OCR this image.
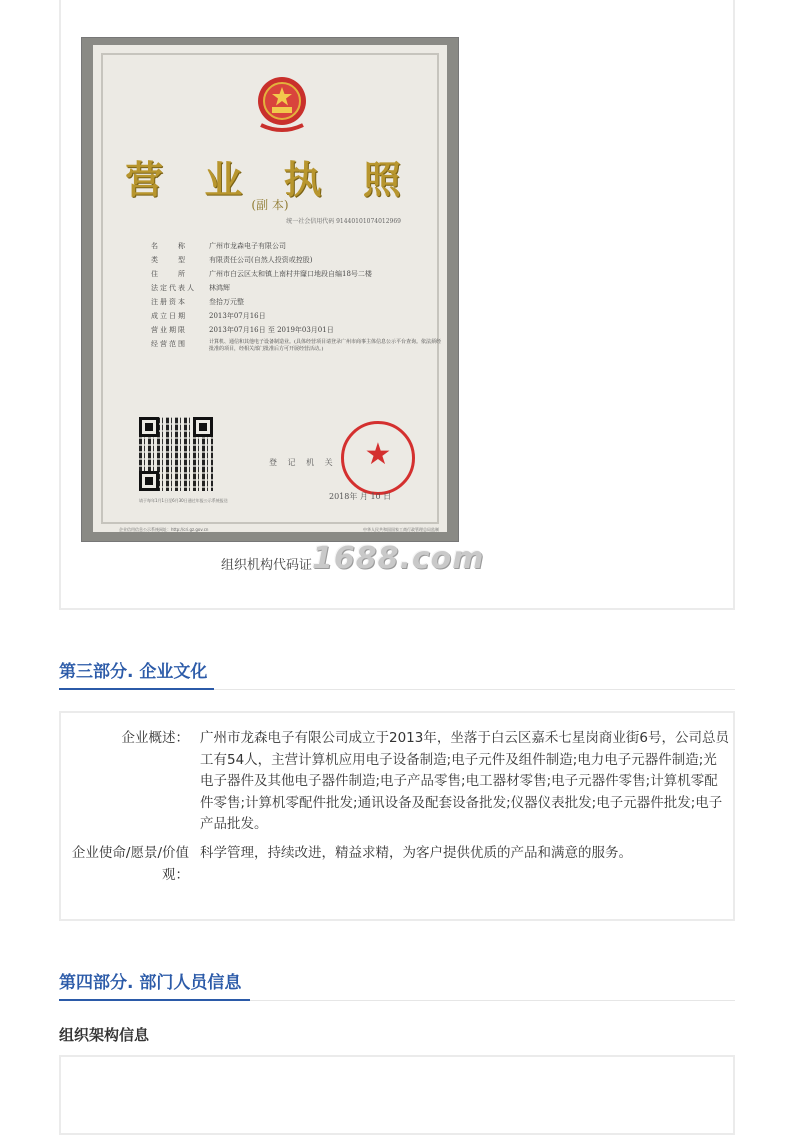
营 业 执 照
(副 本)
统一社会信用代码 91440101074012969
名　　称	广州市龙森电子有限公司
类　　型	有限责任公司(自然人投资或控股)
住　　所	广州市白云区太和镇上南村井窿口地段自编18号二楼
法定代表人	林鸿辉
注册资本	叁拾万元整
成立日期	2013年07月16日
营业期限	2013年07月16日 至 2019年03月01日
经营范围	计算机、通信和其他电子设备制造业。(具体经营项目请登录广州市商事主体信息公示平台查询。依法须经批准的项目，经相关部门批准后方可开展经营活动。)
登 记 机 关 ★
2018年 月 10 日
请于每年1月1日至6月30日通过年报公示系统报送
企业信用信息公示系统网址：http://cri.gz.gov.cn	中华人民共和国国家工商行政管理总局监制
组织机构代码证 1688.com
第三部分. 企业文化
企业概述： 广州市龙森电子有限公司成立于2013年，坐落于白云区嘉禾七星岗商业街6号，公司总员工有54人，主营计算机应用电子设备制造;电子元件及组件制造;电力电子元器件制造;光电子器件及其他电子器件制造;电子产品零售;电工器材零售;电子元器件零售;计算机零配件零售;计算机零配件批发;通讯设备及配套设备批发;仪器仪表批发;电子元器件批发;电子产品批发。
企业使命/愿景/价值观：
科学管理，持续改进，精益求精，为客户提供优质的产品和满意的服务。
第四部分. 部门人员信息
组织架构信息
